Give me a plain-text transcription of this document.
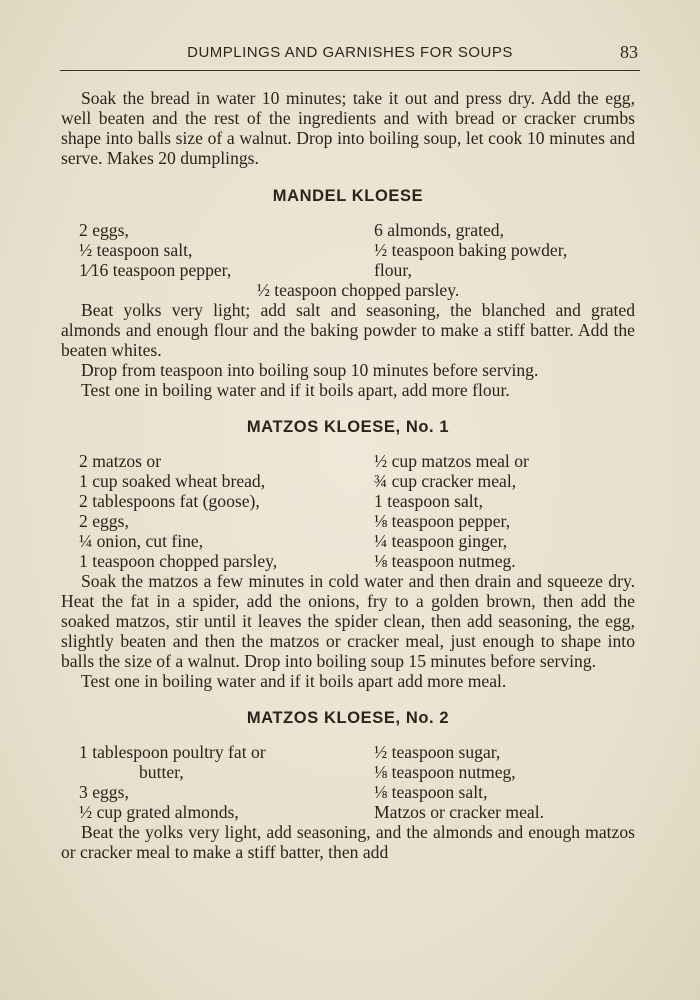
DUMPLINGS AND GARNISHES FOR SOUPS	83

Soak the bread in water 10 minutes; take it out and press dry. Add the egg, well beaten and the rest of the ingredients and with bread or cracker crumbs shape into balls size of a walnut. Drop into boiling soup, let cook 10 minutes and serve. Makes 20 dumplings.

MANDEL KLOESE
2 eggs,
½ teaspoon salt,
1⁄16 teaspoon pepper,
6 almonds, grated,
½ teaspoon baking powder,
flour,
½ teaspoon chopped parsley.

Beat yolks very light; add salt and seasoning, the blanched and grated almonds and enough flour and the baking powder to make a stiff batter. Add the beaten whites.

Drop from teaspoon into boiling soup 10 minutes before serving.

Test one in boiling water and if it boils apart, add more flour.

MATZOS KLOESE, No. 1
2 matzos or
1 cup soaked wheat bread,
2 tablespoons fat (goose),
2 eggs,
¼ onion, cut fine,
1 teaspoon chopped parsley,
½ cup matzos meal or
¾ cup cracker meal,
1 teaspoon salt,
⅛ teaspoon pepper,
¼ teaspoon ginger,
⅛ teaspoon nutmeg.

Soak the matzos a few minutes in cold water and then drain and squeeze dry. Heat the fat in a spider, add the onions, fry to a golden brown, then add the soaked matzos, stir until it leaves the spider clean, then add seasoning, the egg, slightly beaten and then the matzos or cracker meal, just enough to shape into balls the size of a walnut. Drop into boiling soup 15 minutes before serving.

Test one in boiling water and if it boils apart add more meal.

MATZOS KLOESE, No. 2
1 tablespoon poultry fat or
butter,
3 eggs,
½ cup grated almonds,
½ teaspoon sugar,
⅛ teaspoon nutmeg,
⅛ teaspoon salt,
Matzos or cracker meal.

Beat the yolks very light, add seasoning, and the almonds and enough matzos or cracker meal to make a stiff batter, then add
